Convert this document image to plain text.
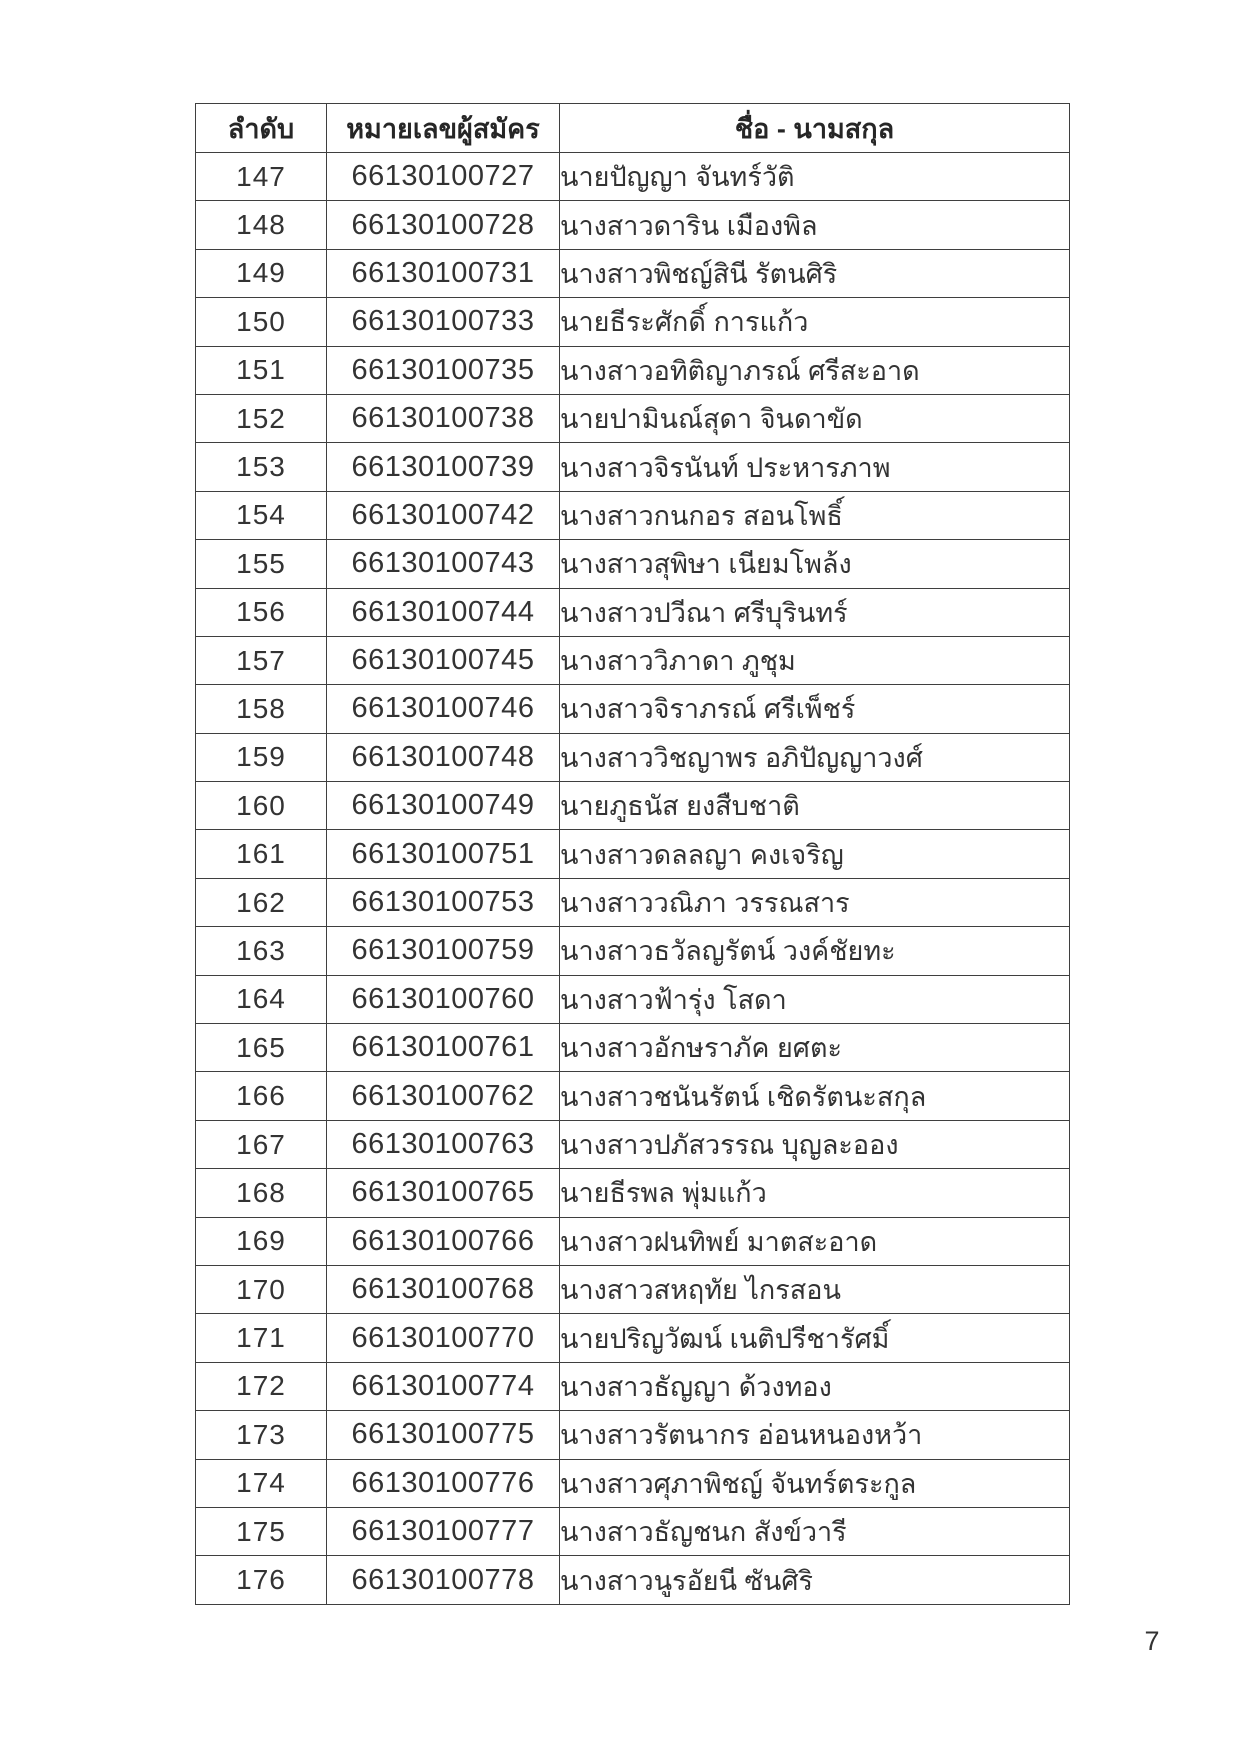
ลำดับ	หมายเลขผู้สมัคร	ชื่อ - นามสกุล
147	66130100727	นายปัญญา จันทร์วัติ
148	66130100728	นางสาวดาริน เมืองพิล
149	66130100731	นางสาวพิชญ์สินี รัตนศิริ
150	66130100733	นายธีระศักดิ์ การแก้ว
151	66130100735	นางสาวอทิติญาภรณ์ ศรีสะอาด
152	66130100738	นายปามินณ์สุดา จินดาขัด
153	66130100739	นางสาวจิรนันท์ ประหารภาพ
154	66130100742	นางสาวกนกอร สอนโพธิ์
155	66130100743	นางสาวสุพิษา เนียมโพล้ง
156	66130100744	นางสาวปวีณา ศรีบุรินทร์
157	66130100745	นางสาววิภาดา ภูชุม
158	66130100746	นางสาวจิราภรณ์ ศรีเพ็ชร์
159	66130100748	นางสาววิชญาพร อภิปัญญาวงศ์
160	66130100749	นายภูธนัส ยงสืบชาติ
161	66130100751	นางสาวดลลญา คงเจริญ
162	66130100753	นางสาววณิภา วรรณสาร
163	66130100759	นางสาวธวัลญรัตน์ วงค์ชัยทะ
164	66130100760	นางสาวฟ้ารุ่ง โสดา
165	66130100761	นางสาวอักษราภัค ยศตะ
166	66130100762	นางสาวชนันรัตน์ เชิดรัตนะสกุล
167	66130100763	นางสาวปภัสวรรณ บุญละออง
168	66130100765	นายธีรพล พุ่มแก้ว
169	66130100766	นางสาวฝนทิพย์ มาตสะอาด
170	66130100768	นางสาวสหฤทัย ไกรสอน
171	66130100770	นายปริญวัฒน์ เนติปรีชารัศมิ์
172	66130100774	นางสาวธัญญา ด้วงทอง
173	66130100775	นางสาวรัตนากร อ่อนหนองหว้า
174	66130100776	นางสาวศุภาพิชญ์ จันทร์ตระกูล
175	66130100777	นางสาวธัญชนก สังข์วารี
176	66130100778	นางสาวนูรอัยนี ซันศิริ
7
